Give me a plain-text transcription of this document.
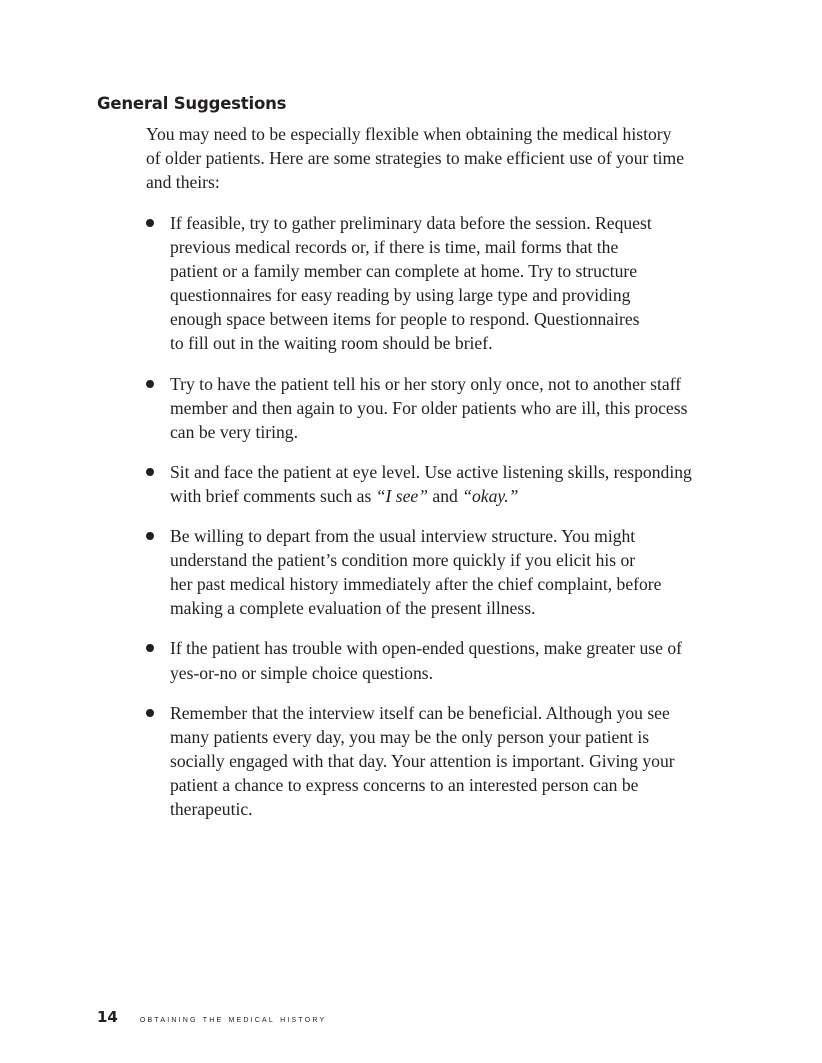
General Suggestions

You may need to be especially flexible when obtaining the medical history
of older patients. Here are some strategies to make efficient use of your time
and theirs:

If feasible, try to gather preliminary data before the session. Request
previous medical records or, if there is time, mail forms that the
patient or a family member can complete at home. Try to structure
questionnaires for easy reading by using large type and providing
enough space between items for people to respond. Questionnaires
to fill out in the waiting room should be brief.
Try to have the patient tell his or her story only once, not to another staff
member and then again to you. For older patients who are ill, this process
can be very tiring.
Sit and face the patient at eye level. Use active listening skills, responding
with brief comments such as “I see” and “okay.”
Be willing to depart from the usual interview structure. You might
understand the patient’s condition more quickly if you elicit his or
her past medical history immediately after the chief complaint, before
making a complete evaluation of the present illness.
If the patient has trouble with open-ended questions, make greater use of
yes-or-no or simple choice questions.
Remember that the interview itself can be beneficial. Although you see
many patients every day, you may be the only person your patient is
socially engaged with that day. Your attention is important. Giving your
patient a chance to express concerns to an interested person can be
therapeutic.
14 obtaining the medical history
